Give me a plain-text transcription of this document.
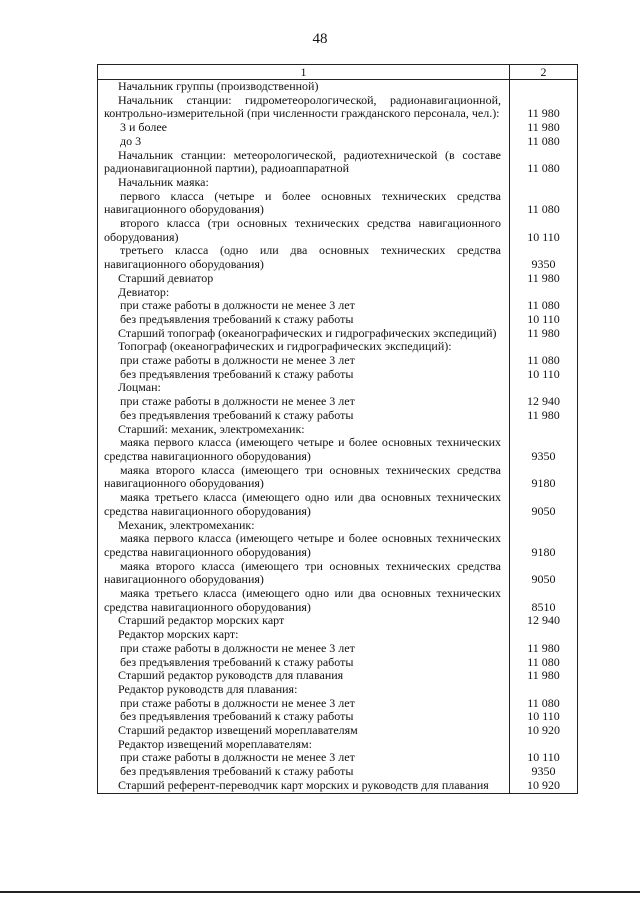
48
1	2
Начальник группы (производственной)	
Начальник станции: гидрометеорологической, радионавигационной, контрольно-измерительной (при численности гражданского персонала, чел.):	11 980
3 и более	11 980
до 3	11 080
Начальник станции: метеорологической, радиотехнической (в составе радионавигационной партии), радиоаппаратной	11 080
Начальник маяка:	
первого класса (четыре и более основных технических средства навигационного оборудования)	11 080
второго класса (три основных технических средства навигационного оборудования)	10 110
третьего класса (одно или два основных технических средства навигационного оборудования)	9350
Старший девиатор	11 980
Девиатор:	
при стаже работы в должности не менее 3 лет	11 080
без предъявления требований к стажу работы	10 110
Старший топограф (океанографических и гидрографических экспедиций)	11 980
Топограф (океанографических и гидрографических экспедиций):	
при стаже работы в должности не менее 3 лет	11 080
без предъявления требований к стажу работы	10 110
Лоцман:	
при стаже работы в должности не менее 3 лет	12 940
без предъявления требований к стажу работы	11 980
Старший: механик, электромеханик:	
маяка первого класса (имеющего четыре и более основных технических средства навигационного оборудования)	9350
маяка второго класса (имеющего три основных технических средства навигационного оборудования)	9180
маяка третьего класса (имеющего одно или два основных технических средства навигационного оборудования)	9050
Механик, электромеханик:	
маяка первого класса (имеющего четыре и более основных технических средства навигационного оборудования)	9180
маяка второго класса (имеющего три основных технических средства навигационного оборудования)	9050
маяка третьего класса (имеющего одно или два основных технических средства навигационного оборудования)	8510
Старший редактор морских карт	12 940
Редактор морских карт:	
при стаже работы в должности не менее 3 лет	11 980
без предъявления требований к стажу работы	11 080
Старший редактор руководств для плавания	11 980
Редактор руководств для плавания:	
при стаже работы в должности не менее 3 лет	11 080
без предъявления требований к стажу работы	10 110
Старший редактор извещений мореплавателям	10 920
Редактор извещений мореплавателям:	
при стаже работы в должности не менее 3 лет	10 110
без предъявления требований к стажу работы	9350
Старший референт-переводчик карт морских и руководств для плавания	10 920
